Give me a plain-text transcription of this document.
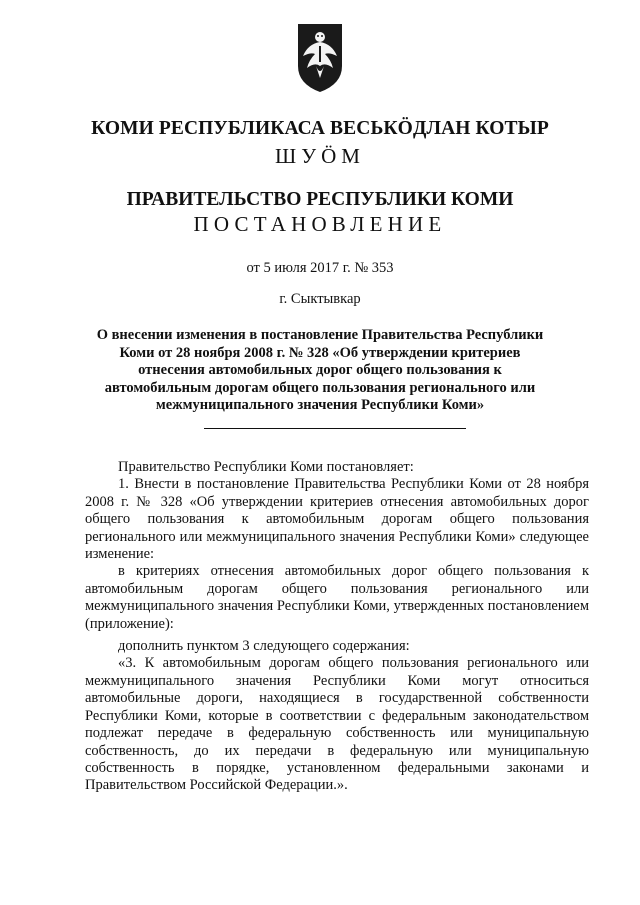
КОМИ РЕСПУБЛИКАСА ВЕСЬКӦДЛАН КОТЫР
ШУӦМ
ПРАВИТЕЛЬСТВО РЕСПУБЛИКИ КОМИ
ПОСТАНОВЛЕНИЕ
от 5 июля 2017 г. № 353
г. Сыктывкар
О внесении изменения в постановление Правительства Республики Коми от 28 ноября 2008 г. № 328 «Об утверждении критериев отнесения автомобильных дорог общего пользования к автомобильным дорогам общего пользования регионального или межмуниципального значения Республики Коми»

Правительство Республики Коми постановляет:

1. Внести в постановление Правительства Республики Коми от 28 ноября 2008 г. № 328 «Об утверждении критериев отнесения автомобильных дорог общего пользования к автомобильным дорогам общего пользования регионального или межмуниципального значения Республики Коми» следующее изменение:

в критериях отнесения автомобильных дорог общего пользования к автомобильным дорогам общего пользования регионального или межмуниципального значения Республики Коми, утвержденных постановлением (приложение):

дополнить пунктом 3 следующего содержания:

«3. К автомобильным дорогам общего пользования регионального или межмуниципального значения Республики Коми могут относиться автомобильные дороги, находящиеся в государственной собственности Республики Коми, которые в соответствии с федеральным законодательством подлежат передаче в федеральную собственность или муниципальную собственность, до их передачи в федеральную или муниципальную собственность в порядке, установленном федеральными законами и Правительством Российской Федерации.».
